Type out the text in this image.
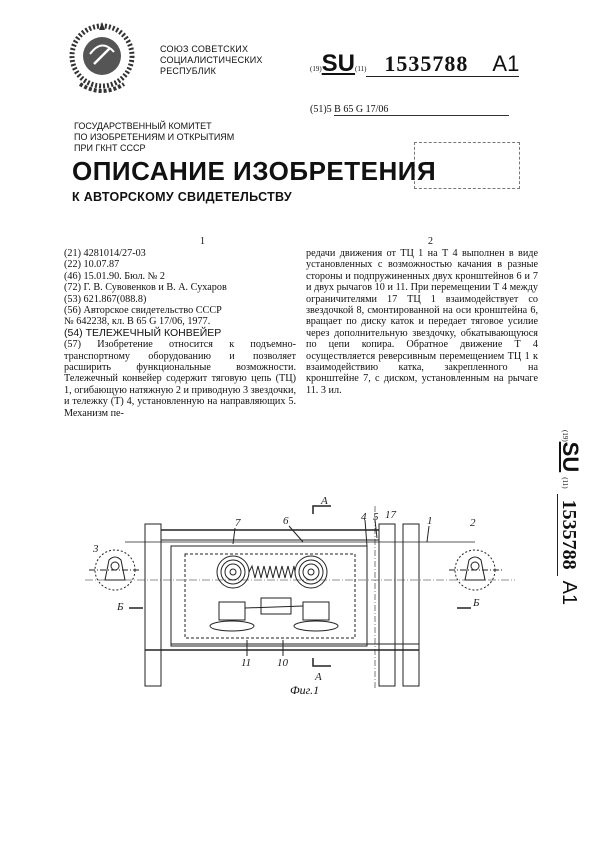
СОЮЗ СОВЕТСКИХ
СОЦИАЛИСТИЧЕСКИХ
РЕСПУБЛИК	(19)SU(11) 1535788 A1
(51)5 B 65 G 17/06
ГОСУДАРСТВЕННЫЙ КОМИТЕТ
ПО ИЗОБРЕТЕНИЯМ И ОТКРЫТИЯМ
ПРИ ГКНТ СССР
ОПИСАНИЕ ИЗОБРЕТЕНИЯ
К АВТОРСКОМУ СВИДЕТЕЛЬСТВУ
1	2

(21) 4281014/27-03

(22) 10.07.87

(46) 15.01.90. Бюл. № 2

(72) Г. В. Сувовенков и В. А. Сухаров

(53) 621.867(088.8)

(56) Авторское свидетельство СССР

№ 642238, кл. B 65 G 17/06, 1977.

(54) ТЕЛЕЖЕЧНЫЙ КОНВЕЙЕР

(57) Изобретение относится к подъемно-транспортному оборудованию и позволяет расширить функциональные возможности. Тележечный конвейер содержит тяговую цепь (ТЦ) 1, огибающую натяжную 2 и приводную 3 звездочки, и тележку (Т) 4, установленную на направляющих 5. Механизм пе-

редачи движения от ТЦ 1 на Т 4 выполнен в виде установленных с возможностью качания в разные стороны и подпружиненных двух кронштейнов 6 и 7 и двух рычагов 10 и 11. При перемещении Т 4 между ограничителями 17 ТЦ 1 взаимодействует со звездочкой 8, смонтированной на оси кронштейна 6, вращает по диску каток и передает тяговое усилие через дополнительную звездочку, обкатывающуюся по цепи копира. Обратное движение Т 4 осуществляется реверсивным перемещением ТЦ 1 к взаимодействию катка, закрепленного на кронштейне 7, с диском, установленным на рычаге 11. 3 ил.

(19)SU (11) 1535788 A1
3
7	6
A
4 5 17	1	2
Б	Б
11 10
A
Фиг.1
